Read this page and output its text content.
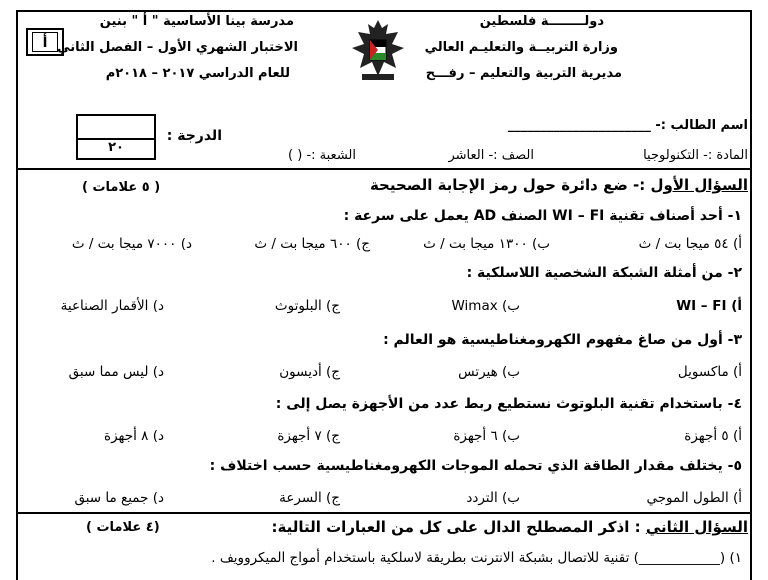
دولــــــــة فلسطين
وزارة التربيــة والتعليـم العالي
مديرية التربية والتعليم – رفـــح
مدرسة بينا الأساسية " أ " بنين
الاختبار الشهري الأول – الفصل الثاني
للعام الدراسي ٢٠١٧ – ٢٠١٨م
أ
اسم الطالب :- ______________________
المادة :- التكنولوجيا
الصف :- العاشر
الشعبة :- ( )
الدرجة :
٢٠
السؤال الأول :- ضع دائرة حول رمز الإجابة الصحيحة
( ٥ علامات )
١- أحد أصناف تقنية WI – FI الصنف AD يعمل على سرعة :
أ) ٥٤ ميجا بت / ث
ب) ١٣٠٠ ميجا بت / ث
ج) ٦٠٠ ميجا بت / ث
د) ٧٠٠٠ ميجا بت / ث
٢- من أمثلة الشبكة الشخصية اللاسلكية :
أ) WI – FI
ب) Wimax
ج) البلوتوث
د) الأقمار الصناعية
٣- أول من صاغ مفهوم الكهرومغناطيسية هو العالم :
أ) ماكسويل
ب) هيرتس
ج) أديسون
د) ليس مما سبق
٤- باستخدام تقنية البلوتوث نستطيع ربط عدد من الأجهزة يصل إلى :
أ) ٥ أجهزة
ب) ٦ أجهزة
ج) ٧ أجهزة
د) ٨ أجهزة
٥- يختلف مقدار الطاقة الذي تحمله الموجات الكهرومغناطيسية حسب اختلاف :
أ) الطول الموجي
ب) التردد
ج) السرعة
د) جميع ما سبق
السؤال الثاني : اذكر المصطلح الدال على كل من العبارات التالية:
(٤ علامات )
١) (____________) تقنية للاتصال بشبكة الانترنت بطريقة لاسلكية باستخدام أمواج الميكروويف .
